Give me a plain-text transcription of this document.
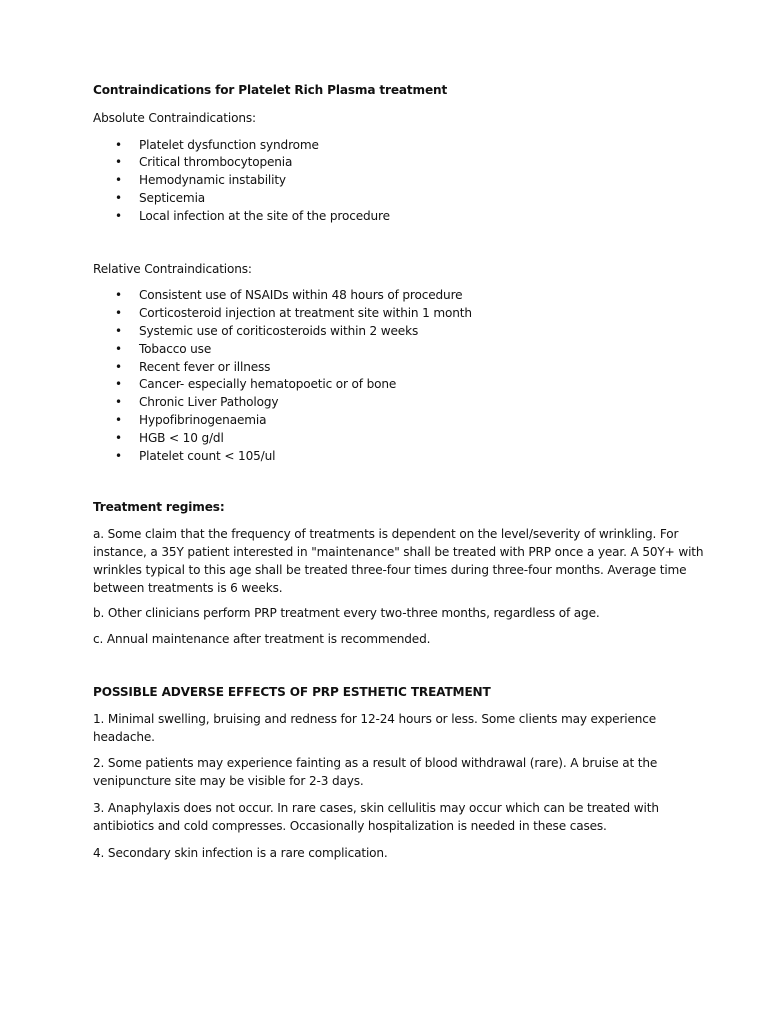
Contraindications for Platelet Rich Plasma treatment

Absolute Contraindications:

• Platelet dysfunction syndrome
• Critical thrombocytopenia
• Hemodynamic instability
• Septicemia
• Local infection at the site of the procedure

Relative Contraindications:

• Consistent use of NSAIDs within 48 hours of procedure
• Corticosteroid injection at treatment site within 1 month
• Systemic use of coriticosteroids within 2 weeks
• Tobacco use
• Recent fever or illness
• Cancer- especially hematopoetic or of bone
• Chronic Liver Pathology
• Hypofibrinogenaemia
• HGB < 10 g/dl
• Platelet count < 105/ul

Treatment regimes:

a. Some claim that the frequency of treatments is dependent on the level/severity of wrinkling. For instance, a 35Y patient interested in "maintenance" shall be treated with PRP once a year. A 50Y+ with wrinkles typical to this age shall be treated three-four times during three-four months. Average time between treatments is 6 weeks.

b. Other clinicians perform PRP treatment every two-three months, regardless of age.

c. Annual maintenance after treatment is recommended.

POSSIBLE ADVERSE EFFECTS OF PRP ESTHETIC TREATMENT

1. Minimal swelling, bruising and redness for 12-24 hours or less. Some clients may experience headache.

2. Some patients may experience fainting as a result of blood withdrawal (rare). A bruise at the venipuncture site may be visible for 2-3 days.

3. Anaphylaxis does not occur. In rare cases, skin cellulitis may occur which can be treated with antibiotics and cold compresses. Occasionally hospitalization is needed in these cases.

4. Secondary skin infection is a rare complication.
